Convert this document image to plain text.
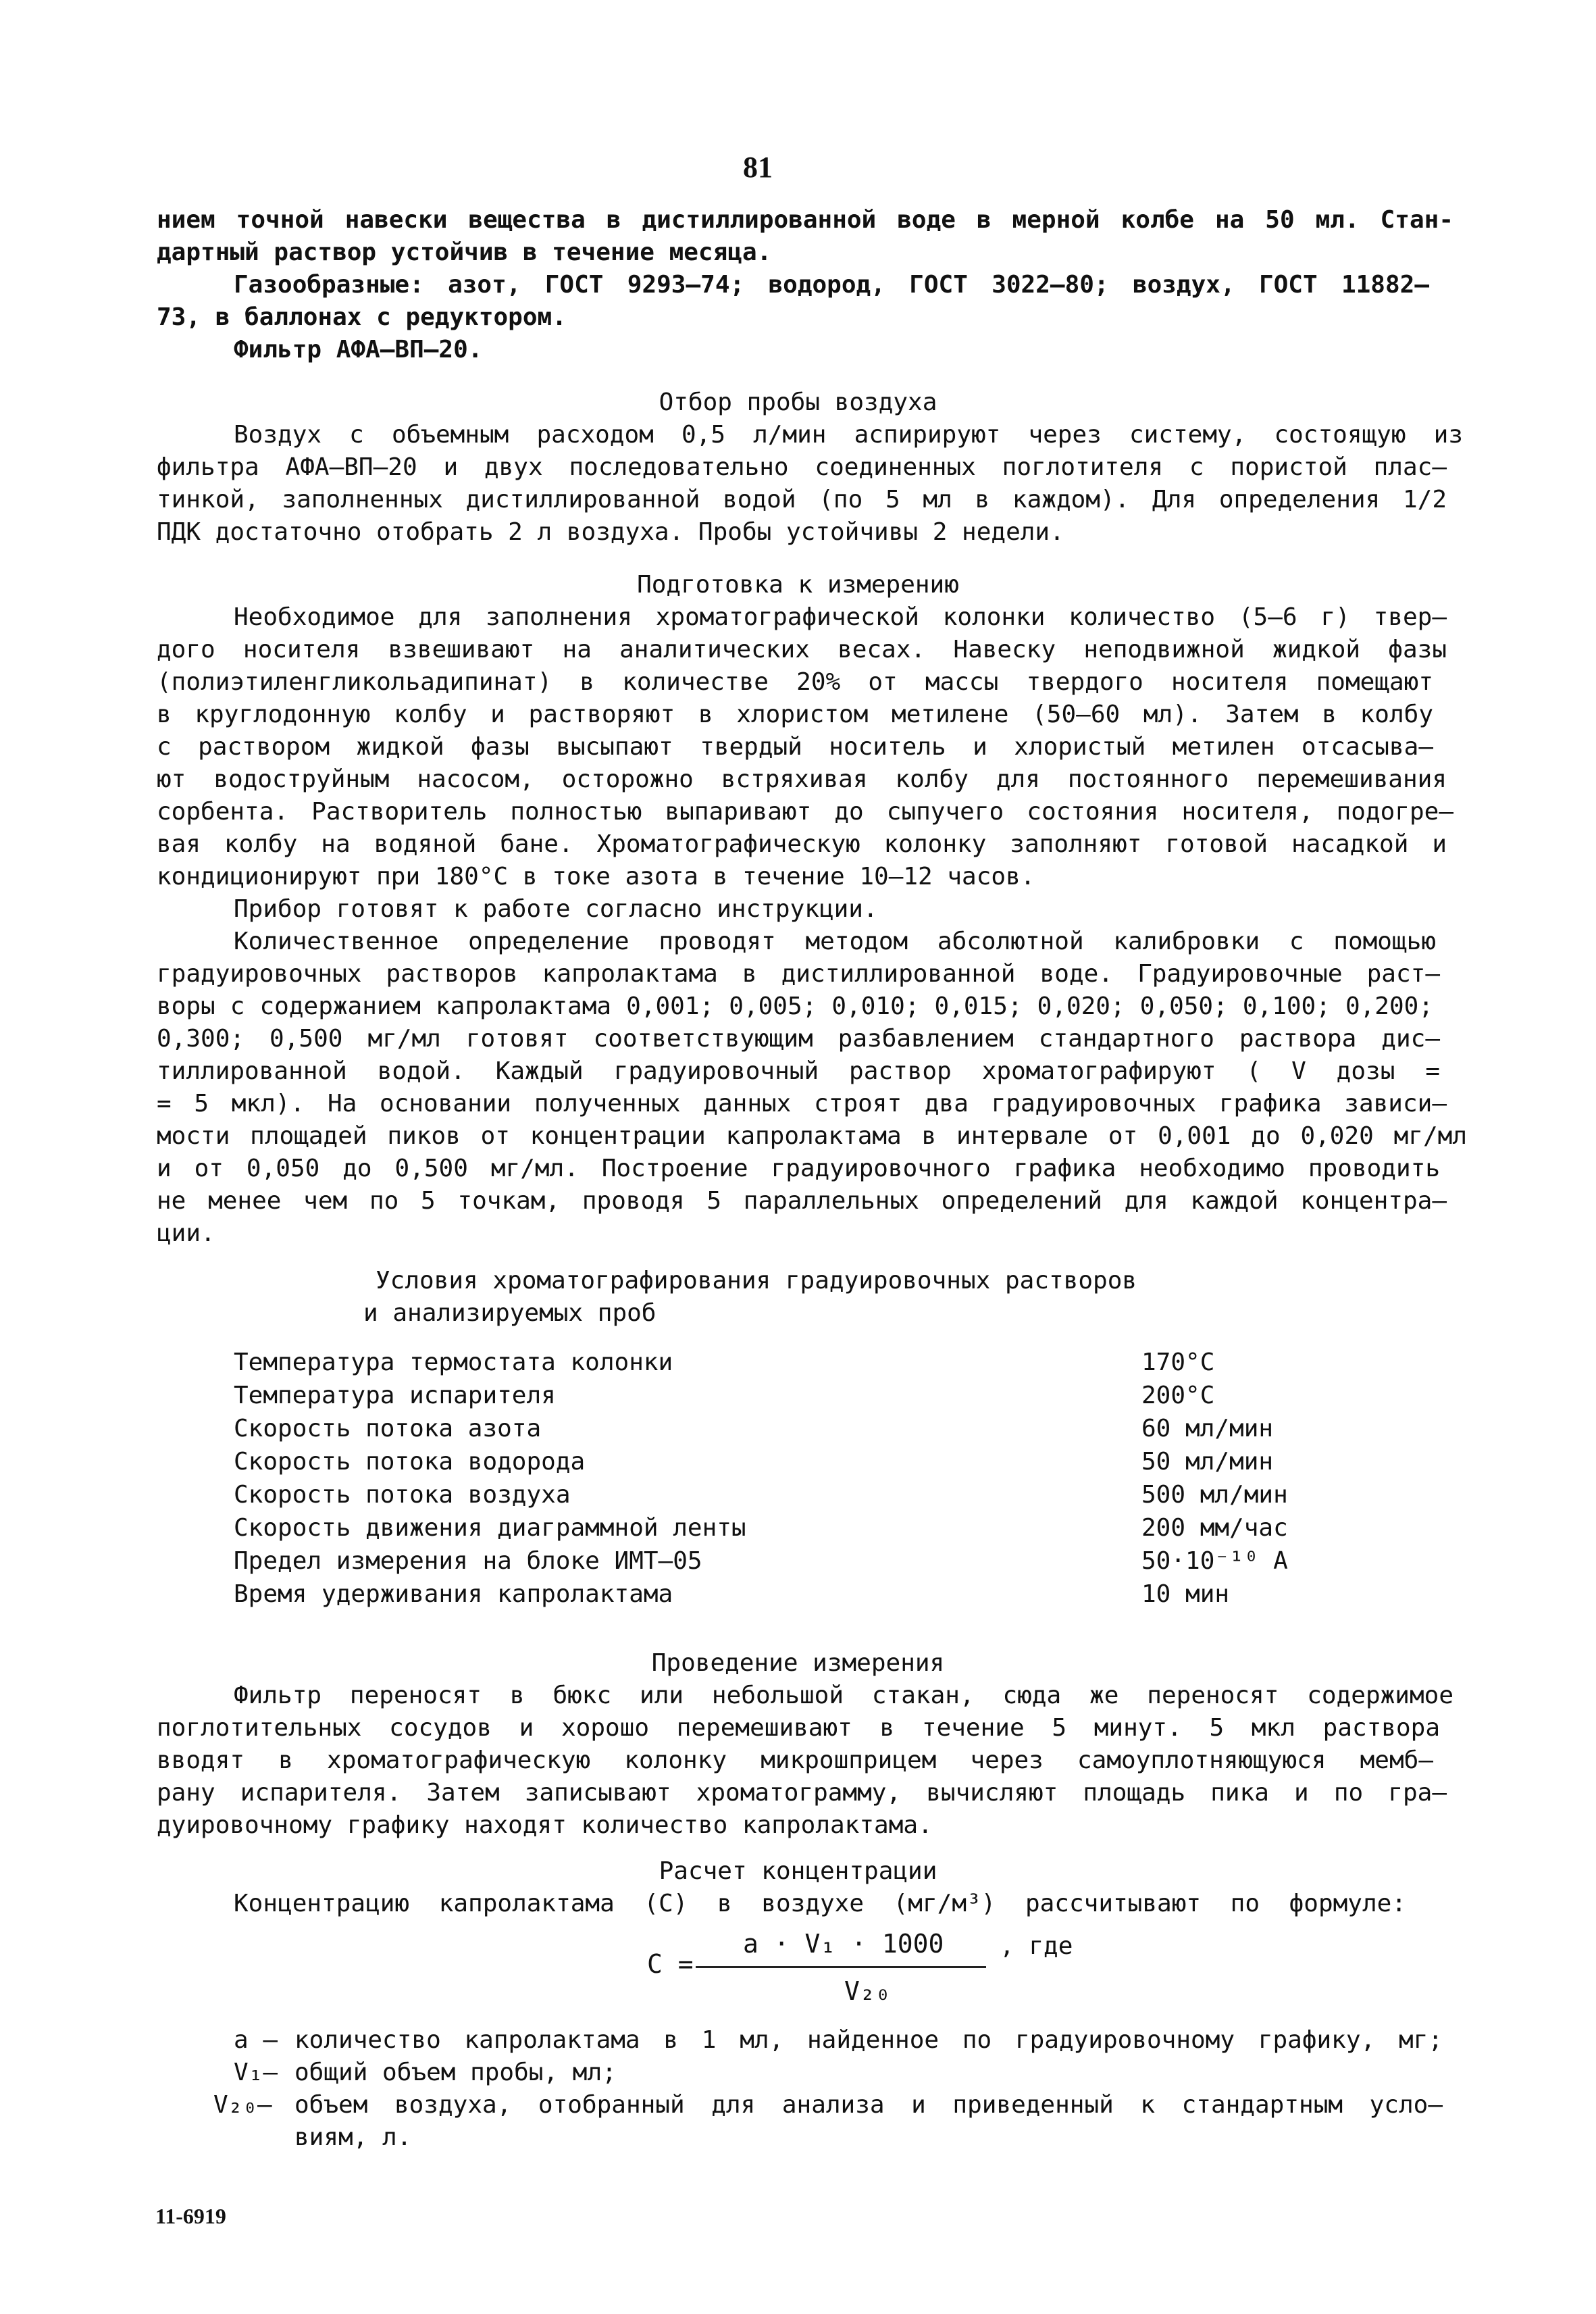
81
нием точной навески вещества в дистиллированной воде в мерной колбе на 50 мл. Стан-
дартный раствор устойчив в течение месяца.
Газообразные: азот, ГОСТ 9293–74; водород, ГОСТ 3022–80; воздух, ГОСТ 11882–
73, в баллонах с редуктором.
Фильтр АФА–ВП–20.
Отбор пробы воздуха
Воздух с объемным расходом 0,5 л/мин аспирируют через систему, состоящую из
фильтра АФА–ВП–20 и двух последовательно соединенных поглотителя с пористой плас–
тинкой, заполненных дистиллированной водой (по 5 мл в каждом). Для определения 1/2
ПДК достаточно отобрать 2 л воздуха. Пробы устойчивы 2 недели.
Подготовка к измерению
Необходимое для заполнения хроматографической колонки количество (5–6 г) твер–
дого носителя взвешивают на аналитических весах. Навеску неподвижной жидкой фазы
(полиэтиленгликольадипинат) в количестве 20% от массы твердого носителя помещают
в круглодонную колбу и растворяют в хлористом метилене (50–60 мл). Затем в колбу
с раствором жидкой фазы высыпают твердый носитель и хлористый метилен отсасыва–
ют водоструйным насосом, осторожно встряхивая колбу для постоянного перемешивания
сорбента. Растворитель полностью выпаривают до сыпучего состояния носителя, подогре–
вая колбу на водяной бане. Хроматографическую колонку заполняют готовой насадкой и
кондиционируют при 180°С в токе азота в течение 10–12 часов.
Прибор готовят к работе согласно инструкции.
Количественное определение проводят методом абсолютной калибровки с помощью
градуировочных растворов капролактама в дистиллированной воде. Градуировочные раст–
воры с содержанием капролактама 0,001; 0,005; 0,010; 0,015; 0,020; 0,050; 0,100; 0,200;
0,300; 0,500 мг/мл готовят соответствующим разбавлением стандартного раствора дис–
тиллированной водой. Каждый градуировочный раствор хроматографируют ( V дозы =
= 5 мкл). На основании полученных данных строят два градуировочных графика зависи–
мости площадей пиков от концентрации капролактама в интервале от 0,001 до 0,020 мг/мл
и от 0,050 до 0,500 мг/мл. Построение градуировочного графика необходимо проводить
не менее чем по 5 точкам, проводя 5 параллельных определений для каждой концентра–
ции.
Условия хроматографирования градуировочных растворов
и анализируемых проб
Температура термостата колонки	170°С
Температура испарителя	200°С
Скорость потока азота	60 мл/мин
Скорость потока водорода	50 мл/мин
Скорость потока воздуха	500 мл/мин
Скорость движения диаграммной ленты	200 мм/час
Предел измерения на блоке ИМТ–05	50·10⁻¹⁰ А
Время удерживания капролактама	10 мин
Проведение измерения
Фильтр переносят в бюкс или небольшой стакан, сюда же переносят содержимое
поглотительных сосудов и хорошо перемешивают в течение 5 минут. 5 мкл раствора
вводят в хроматографическую колонку микрошприцем через самоуплотняющуюся мемб–
рану испарителя. Затем записывают хроматограмму, вычисляют площадь пика и по гра–
дуировочному графику находят количество капролактама.
Расчет концентрации
Концентрацию капролактама (С) в воздухе (мг/м³) рассчитывают по формуле:
С =
а · V₁ · 1000
V₂₀
, где
а – количество капролактама в 1 мл, найденное по градуировочному графику, мг;
V₁– общий объем пробы, мл;
V₂₀– объем воздуха, отобранный для анализа и приведенный к стандартным усло–
виям, л.
11-6919
